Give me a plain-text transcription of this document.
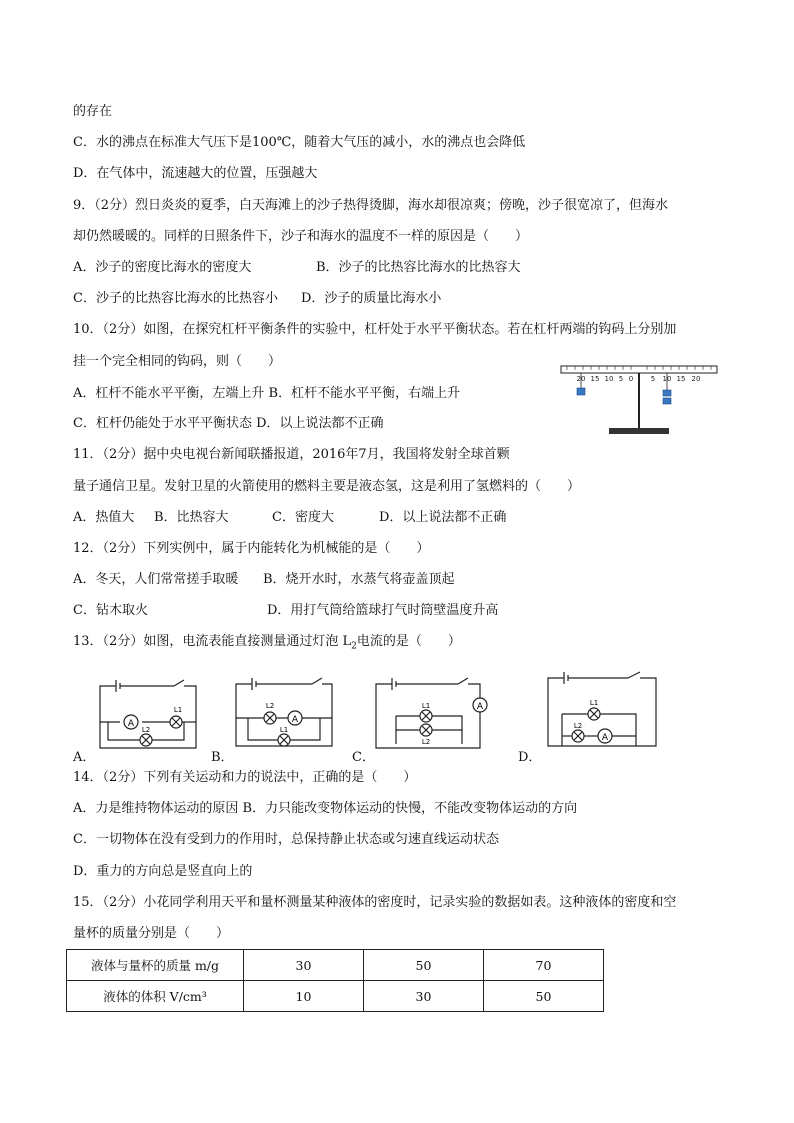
的存在
C．水的沸点在标准大气压下是100℃，随着大气压的减小，水的沸点也会降低
D．在气体中，流速越大的位置，压强越大
9．（2分）烈日炎炎的夏季，白天海滩上的沙子热得烫脚，海水却很凉爽；傍晚，沙子很宽凉了，但海水
却仍然暖暖的。同样的日照条件下，沙子和海水的温度不一样的原因是（　　）
A．沙子的密度比海水的密度大	B．沙子的比热容比海水的比热容大
C．沙子的比热容比海水的比热容小 D．沙子的质量比海水小
10．（2分）如图，在探究杠杆平衡条件的实验中，杠杆处于水平平衡状态。若在杠杆两端的钩码上分别加
挂一个完全相同的钩码，则（　　）
A．杠杆不能水平平衡，左端上升 B．杠杆不能水平平衡，右端上升
C．杠杆仍能处于水平平衡状态 D．以上说法都不正确
11．（2分）据中央电视台新闻联播报道，2016年7月，我国将发射全球首颗
量子通信卫星。发射卫星的火箭使用的燃料主要是液态氢，这是利用了氢燃料的（　　）
A．热值大 B．比热容大	C．密度大	D．以上说法都不正确
12．（2分）下列实例中，属于内能转化为机械能的是（　　）
A．冬天，人们常常搓手取暖 B．烧开水时，水蒸气将壶盖顶起
C．钻木取火	D．用打气筒给篮球打气时筒壁温度升高
13．（2分）如图，电流表能直接测量通过灯泡 $L_2$电流的是（　　）
20 15 10 5 0	5 10 15 20
A
L1
L2
A．
A
L2
L1
B．
A
L1
L2
C．
A
L1
L2
D．
14．（2分）下列有关运动和力的说法中，正确的是（　　）
A．力是维持物体运动的原因 B．力只能改变物体运动的快慢，不能改变物体运动的方向
C．一切物体在没有受到力的作用时，总保持静止状态或匀速直线运动状态
D．重力的方向总是竖直向上的
15．（2分）小花同学利用天平和量杯测量某种液体的密度时，记录实验的数据如表。这种液体的密度和空
量杯的质量分别是（　　）
液体与量杯的质量 m/g	30	50	70
液体的体积 V/cm³	10	30	50
